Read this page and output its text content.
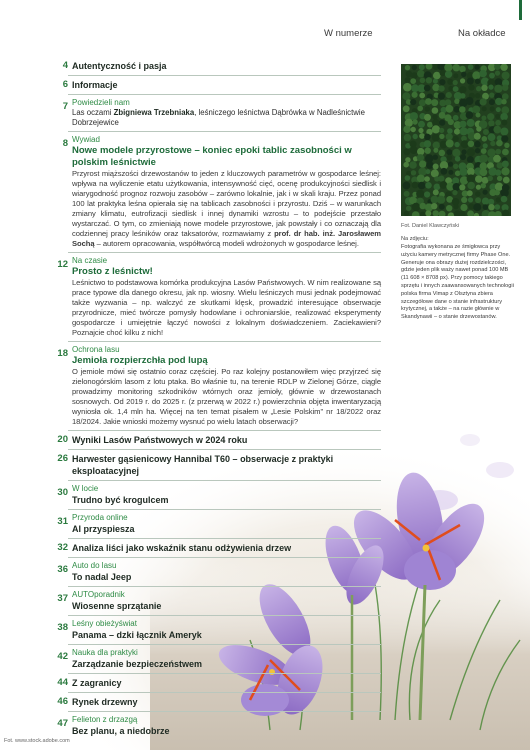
W numerze	Na okładce
4 Autentyczność i pasja
6 Informacje
7 Powiedzieli nam
Las oczami Zbigniewa Trzebniaka, leśniczego leśnictwa Dąbrówka w Nadleśnictwie Dobrzejewice
8 Wywiad
Nowe modele przyrostowe – koniec epoki tablic zasobności w polskim leśnictwie
Przyrost miąższości drzewostanów to jeden z kluczowych parametrów w gospodarce leśnej: wpływa na wyliczenie etatu użytkowania, intensywność cięć, ocenę produkcyjności siedlisk i wiarygodność prognoz rozwoju zasobów – zarówno lokalnie, jak i w skali kraju. Przez ponad 100 lat praktyka leśna opierała się na tablicach zasobności i przyrostu. Dziś – w warunkach zmiany klimatu, eutrofizacji siedlisk i innej dynamiki wzrostu – to podejście przestało wystarczać. O tym, co zmieniają nowe modele przyrostowe, jak powstały i co oznaczają dla codziennej pracy leśników oraz taksatorów, rozmawiamy z prof. dr hab. inż. Jarosławem Sochą – autorem opracowania, współtwórcą modeli wdrożonych w gospodarce leśnej.
12 Na czasie
Prosto z leśnictw!
Leśnictwo to podstawowa komórka produkcyjna Lasów Państwowych. W nim realizowane są prace typowe dla danego okresu, jak np. wiosny. Wielu leśniczych musi jednak podejmować także wyzwania – np. walczyć ze skutkami klęsk, prowadzić interesujące obserwacje przyrodnicze, mieć twórcze pomysły hodowlane i ochroniarskie, realizować eksperymenty gospodarcze i umiejętnie łączyć nowości z lokalnym doświadczeniem. Zaciekawieni? Poznajcie choć kilku z nich!
18 Ochrona lasu
Jemioła rozpierzchła pod lupą
O jemiole mówi się ostatnio coraz częściej. Po raz kolejny postanowiłem więc przyjrzeć się zielonogórskim lasom z lotu ptaka. Bo właśnie tu, na terenie RDLP w Zielonej Górze, ciągle prowadzimy monitoring szkodników wtórnych oraz jemioły, głównie w drzewostanach sosnowych. Od 2019 r. do 2025 r. (z przerwą w 2022 r.) powierzchnia objęta inwentaryzacją wyniosła ok. 1,4 mln ha. Więcej na ten temat pisałem w „Lesie Polskim” nr 18/2022 oraz 18/2024. Jakie wnioski możemy wysnuć po wielu latach obserwacji?
20 Wyniki Lasów Państwowych w 2024 roku
26 Harwester gąsienicowy Hannibal T60 – obserwacje z praktyki eksploatacyjnej
30 W locie
Trudno być krogulcem
31 Przyroda online
AI przyspiesza
32 Analiza liści jako wskaźnik stanu odżywienia drzew
36 Auto do lasu
To nadal Jeep
37 AUTOporadnik
Wiosenne sprzątanie
38 Leśny obieżyświat
Panama – dzki łącznik Ameryk
42 Nauka dla praktyki
Zarządzanie bezpieczeństwem
44 Z zagranicy
46 Rynek drzewny
47 Felieton z drzazgą
Bez planu, a niedobrze
Fot. Daniel Klawczyński
Na zdjęciu:
Fotografia wykonana ze śmigłowca przy użyciu kamery metrycznej firmy Phase One. Generuje ona obrazy dużej rozdzielczości, gdzie jeden plik waży nawet ponad 100 MB (11 608 × 8708 px). Przy pomocy takiego sprzętu i innych zaawansowanych technologii polska firma Vimap z Olsztyna zbiera szczegółowe dane o stanie infrastruktury krytycznej, a także – na razie głównie w Skandynawii – o stanie drzewostanów.
Fot. www.stock.adobe.com
